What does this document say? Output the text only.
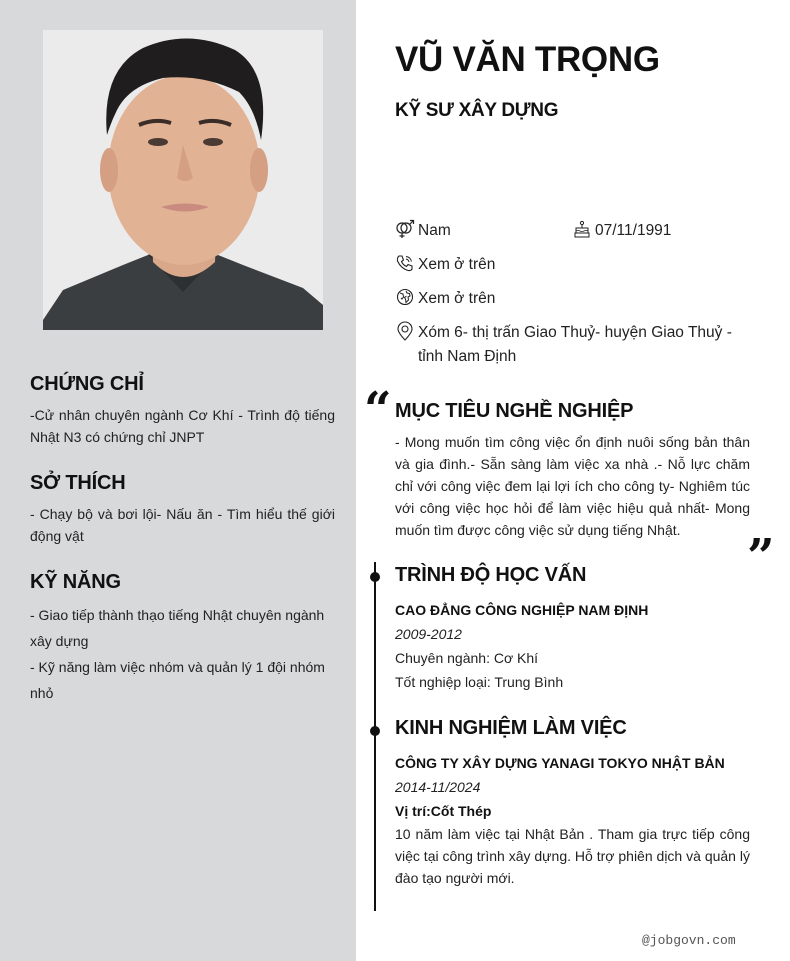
CHỨNG CHỈ
-Cử nhân chuyên ngành Cơ Khí - Trình độ tiếng Nhật N3 có chứng chỉ JNPT
SỞ THÍCH
- Chạy bộ và bơi lội- Nấu ăn - Tìm hiểu thế giới động vật
KỸ NĂNG
- Giao tiếp thành thạo tiếng Nhật chuyên ngành xây dựng
- Kỹ năng làm việc nhóm và quản lý 1 đội nhóm nhỏ
VŨ VĂN TRỌNG
KỸ SƯ XÂY DỰNG
Nam	07/11/1991
Xem ở trên
Xem ở trên
Xóm 6- thị trấn Giao Thuỷ- huyện Giao Thuỷ - tỉnh Nam Định
“ MỤC TIÊU NGHỀ NGHIỆP
- Mong muốn tìm công việc ổn định nuôi sống bản thân và gia đình.- Sẵn sàng làm việc xa nhà .- Nỗ lực chăm chỉ với công việc đem lại lợi ích cho công ty- Nghiêm túc với công việc học hỏi để làm việc hiệu quả nhất- Mong muốn tìm được công việc sử dụng tiếng Nhật.	”
TRÌNH ĐỘ HỌC VẤN
CAO ĐẲNG CÔNG NGHIỆP NAM ĐỊNH
2009-2012
Chuyên ngành: Cơ Khí
Tốt nghiệp loại: Trung Bình
KINH NGHIỆM LÀM VIỆC
CÔNG TY XÂY DỰNG YANAGI TOKYO NHẬT BẢN
2014-11/2024
Vị trí:Cốt Thép
10 năm làm việc tại Nhật Bản . Tham gia trực tiếp công việc tại công trình xây dựng. Hỗ trợ phiên dịch và quản lý đào tạo người mới.
@jobgovn.com
